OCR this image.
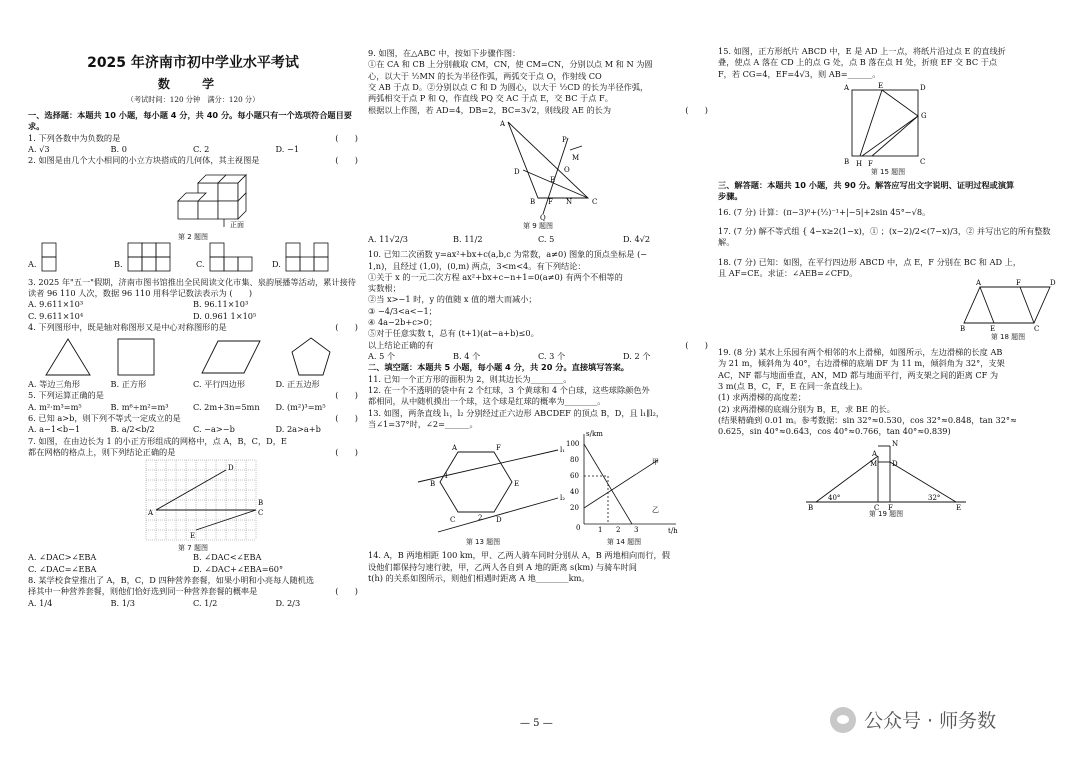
2025 年济南市初中学业水平考试
数 学
（考试时间：120 分钟　满分：120 分）
一、选择题：本题共 10 小题，每小题 4 分，共 40 分。每小题只有一个选项符合题目要求。
1. 下列各数中为负数的是	(　　)
A. √3	B. 0	C. 2	D. −1
2. 如图是由几个大小相同的小立方块搭成的几何体，其主视图是	(　　)
正面
第 2 题图
A.	B.	C.	D.
3. 2025 年"五一"假期，济南市图书馆推出全民阅读文化市集、泉韵展播等活动，累计接待读者 96 110 人次，数据 96 110 用科学记数法表示为 (　　)
A. 9.611×10³	B. 96.11×10³
C. 9.611×10⁴	D. 0.961 1×10⁵
4. 下列图形中，既是轴对称图形又是中心对称图形的是	(　　)
A. 等边三角形	B. 正方形	C. 平行四边形	D. 正五边形
5. 下列运算正确的是	(　　)
A. m²·m³=m⁵	B. m⁶÷m²=m³	C. 2m+3n=5mn	D. (m²)³=m⁵
6. 已知 a>b，则下列不等式一定成立的是	(　　)
A. a−1<b−1	B. a/2<b/2	C. −a>−b	D. 2a>a+b
7. 如图，在由边长为 1 的小正方形组成的网格中，点 A，B，C，D，E
都在网格的格点上，则下列结论正确的是	(　　)
A
D
C
E
B
第 7 题图
A. ∠DAC>∠EBA	B. ∠DAC<∠EBA
C. ∠DAC=∠EBA	D. ∠DAC+∠EBA=60°
8. 某学校食堂推出了 A，B，C，D 四种营养套餐，如果小明和小亮每人随机选
择其中一种营养套餐，则他们恰好选到同一种营养套餐的概率是	(　　)
A. 1/4	B. 1/3	C. 1/2	D. 2/3
9. 如图，在△ABC 中，按如下步骤作图：
①在 CA 和 CB 上分别截取 CM，CN，使 CM=CN，分别以点 M 和 N 为圆
心，以大于 ½MN 的长为半径作弧，两弧交于点 O，作射线 CO
交 AB 于点 D。②分别以点 C 和 D 为圆心，以大于 ½CD 的长为半径作弧，
两弧相交于点 P 和 Q，作直线 PQ 交 AC 于点 E，交 BC 于点 F。
根据以上作图，若 AD=4，DB=2，BC=3√2，则线段 AE 的长为	(　　)
A
C
B
D
E
F N
M
P
Q
O
第 9 题图
A. 11√2/3	B. 11/2	C. 5	D. 4√2
10. 已知二次函数 y=ax²+bx+c(a,b,c 为常数，a≠0) 图象的顶点坐标是 (−
1,n)，且经过 (1,0)，(0,m) 两点，3<m<4。有下列结论：
①关于 x 的一元二次方程 ax²+bx+c−n+1=0(a≠0) 有两个不相等的
实数根；
②当 x>−1 时，y 的值随 x 值的增大而减小；
③ −4/3<a<−1；
④ 4a−2b+c>0；
⑤对于任意实数 t，总有 (t+1)(at−a+b)≤0。
以上结论正确的有	(　　)
A. 5 个	B. 4 个	C. 3 个	D. 2 个
二、填空题：本题共 5 小题，每小题 4 分，共 20 分。直接填写答案。
11. 已知一个正方形的面积为 2，则其边长为________。
12. 在一个不透明的袋中有 2 个红球，3 个黄球和 4 个白球，这些球除颜色外
都相同，从中随机摸出一个球，这个球是红球的概率为________。
13. 如图，两条直线 l₁，l₂ 分别经过正六边形 ABCDEF 的顶点 B，D，且 l₁∥l₂，
当∠1=37°时，∠2=______。
A	F
B	E
C	D
l₁
l₂
1
2
第 13 题图
s/km
t/h
100
80
60
40
20
0	1 2 3
甲
乙
第 14 题图
14. A，B 两地相距 100 km，甲、乙两人骑车同时分别从 A，B 两地相向而行，假
设他们都保持匀速行驶，甲，乙两人各自到 A 地的距离 s(km) 与骑车时间
t(h) 的关系如图所示，则他们相遇时距离 A 地________km。
15. 如图，正方形纸片 ABCD 中，E 是 AD 上一点，将纸片沿过点 E 的直线折
叠，使点 A 落在 CD 上的点 G 处，点 B 落在点 H 处，折痕 EF 交 BC 于点
F，若 CG=4，EF=4√3，则 AB=______。
A	E	D
G
B H F	C
第 15 题图
三、解答题：本题共 10 小题，共 90 分。解答应写出文字说明、证明过程或演算
步骤。
16. (7 分) 计算：(π−3)⁰+(½)⁻¹+|−5|+2sin 45°−√8。
17. (7 分) 解不等式组 { 4−x≥2(1−x)，① ；(x−2)/2<(7−x)/3，② 并写出它的所有整数解。
18. (7 分) 已知：如图，在平行四边形 ABCD 中，点 E，F 分别在 BC 和 AD 上，
且 AF=CE。求证：∠AEB=∠CFD。
A	F	D
B	E	C
第 18 题图
19. (8 分) 某水上乐园有两个相邻的水上滑梯，如图所示，左边滑梯的长度 AB
为 21 m，倾斜角为 40°，右边滑梯的底端 DF 为 11 m，倾斜角为 32°，支架
AC，NF 都与地面垂直，AN，MD 都与地面平行，两支架之间的距离 CF 为
3 m(点 B，C，F，E 在同一条直线上)。
(1) 求两滑梯的高度差；
(2) 求两滑梯的底端分别为 B，E，求 BE 的长。
(结果精确到 0.01 m。参考数据：sin 32°≈0.530，cos 32°≈0.848，tan 32°≈
0.625，sin 40°≈0.643，cos 40°≈0.766，tan 40°≈0.839)
B	C F	E
A
N
M D
40°	32°
第 19 题图
— 5 —	公众号 · 师务数
